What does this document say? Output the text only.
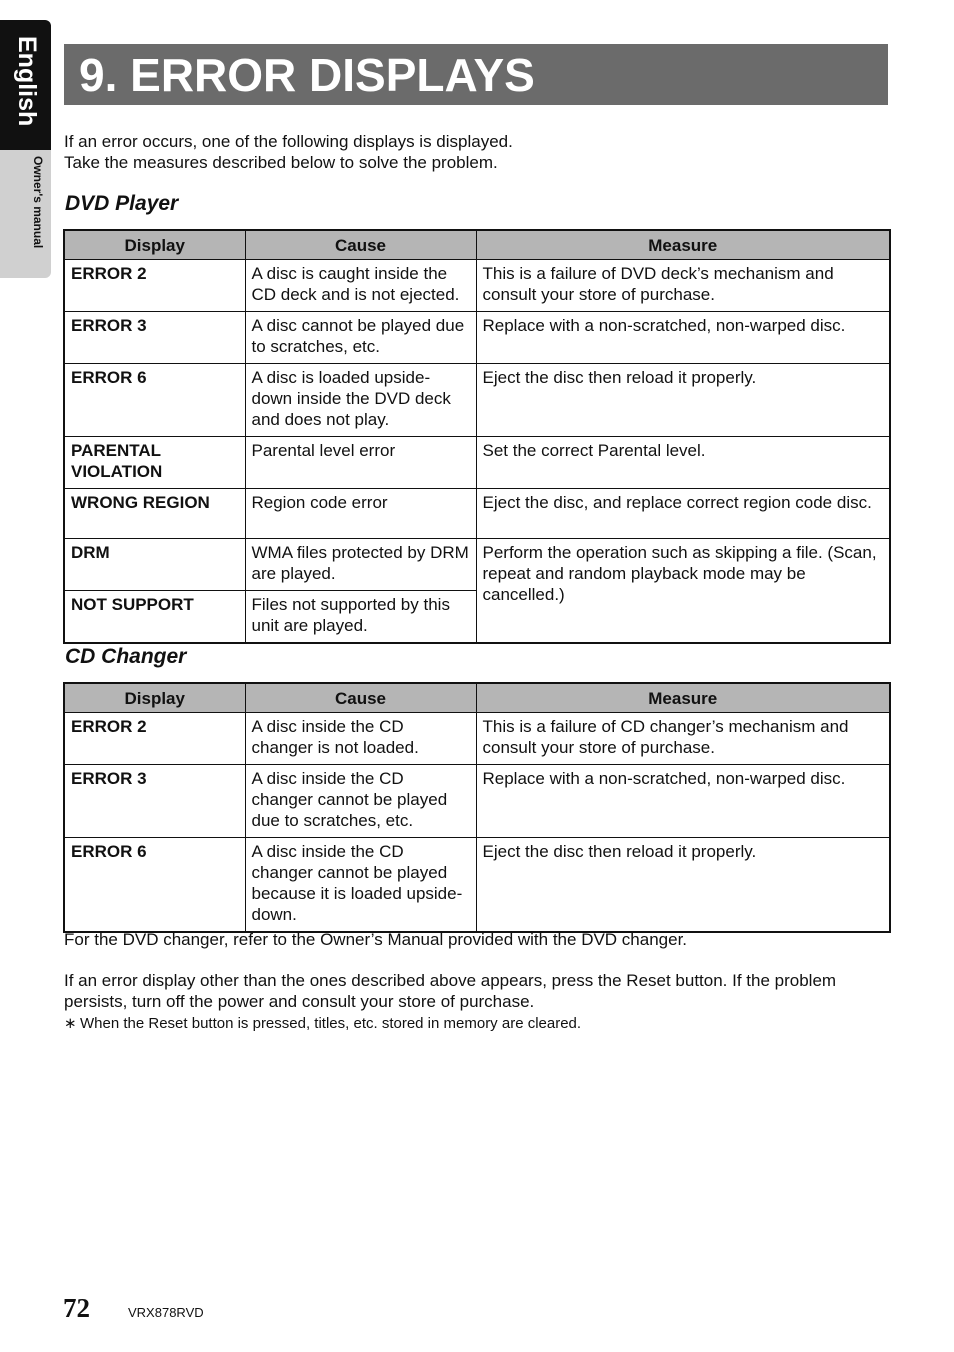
English
Owner's manual
9. ERROR DISPLAYS
If an error occurs, one of the following displays is displayed.
Take the measures described below to solve the problem.
DVD Player
Display	Cause	Measure
ERROR 2	A disc is caught inside the CD deck and is not ejected.	This is a failure of DVD deck’s mechanism and consult your store of purchase.
ERROR 3	A disc cannot be played due to scratches, etc.	Replace with a non-scratched, non-warped disc.
ERROR 6	A disc is loaded upside-down inside the DVD deck and does not play.	Eject the disc then reload it properly.
PARENTAL VIOLATION	Parental level error	Set the correct Parental level.
WRONG REGION	Region code error	Eject the disc, and replace correct region code disc.
DRM	WMA files protected by DRM are played.	Perform the operation such as skipping a file. (Scan, repeat and random playback mode may be cancelled.)
NOT SUPPORT	Files not supported by this unit are played.	
CD Changer
Display	Cause	Measure
ERROR 2	A disc inside the CD changer is not loaded.	This is a failure of CD changer’s mechanism and consult your store of purchase.
ERROR 3	A disc inside the CD changer cannot be played due to scratches, etc.	Replace with a non-scratched, non-warped disc.
ERROR 6	A disc inside the CD changer cannot be played because it is loaded upside-down.	Eject the disc then reload it properly.
For the DVD changer, refer to the Owner’s Manual provided with the DVD changer.
If an error display other than the ones described above appears, press the Reset button. If the problem persists, turn off the power and consult your store of purchase.
∗ When the Reset button is pressed, titles, etc. stored in memory are cleared.
72	VRX878RVD
